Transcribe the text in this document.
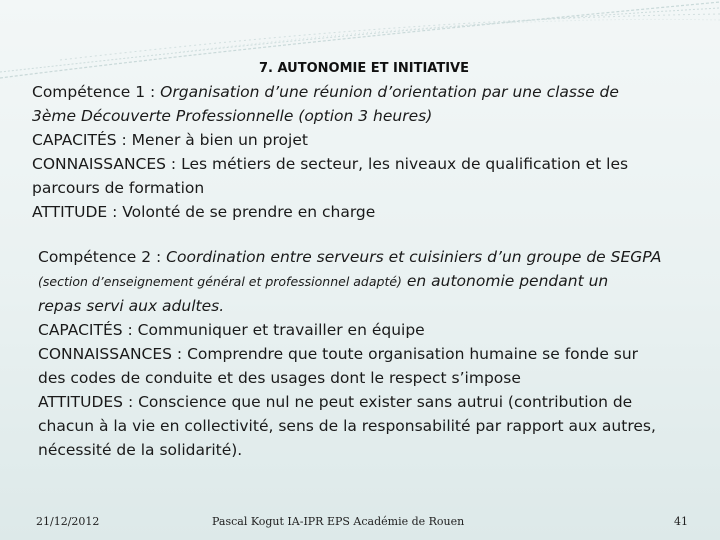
7. AUTONOMIE ET INITIATIVE
Compétence 1 : Organisation d’une réunion d’orientation par une classe de
3ème Découverte Professionnelle (option 3 heures)
CAPACITÉS : Mener à bien un projet
CONNAISSANCES : Les métiers de secteur, les niveaux de qualification et les
parcours de formation
ATTITUDE : Volonté de se prendre en charge
Compétence 2 : Coordination entre serveurs et cuisiniers d’un groupe de SEGPA
(section d’enseignement général et professionnel adapté) en autonomie pendant un
repas servi aux adultes.
CAPACITÉS : Communiquer et travailler en équipe
CONNAISSANCES : Comprendre que toute organisation humaine se fonde sur
des codes de conduite et des usages dont le respect s’impose
ATTITUDES : Conscience que nul ne peut exister sans autrui (contribution de
chacun à la vie en collectivité, sens de la responsabilité par rapport aux autres,
nécessité de la solidarité).
21/12/2012	Pascal Kogut IA-IPR EPS Académie de Rouen	41
